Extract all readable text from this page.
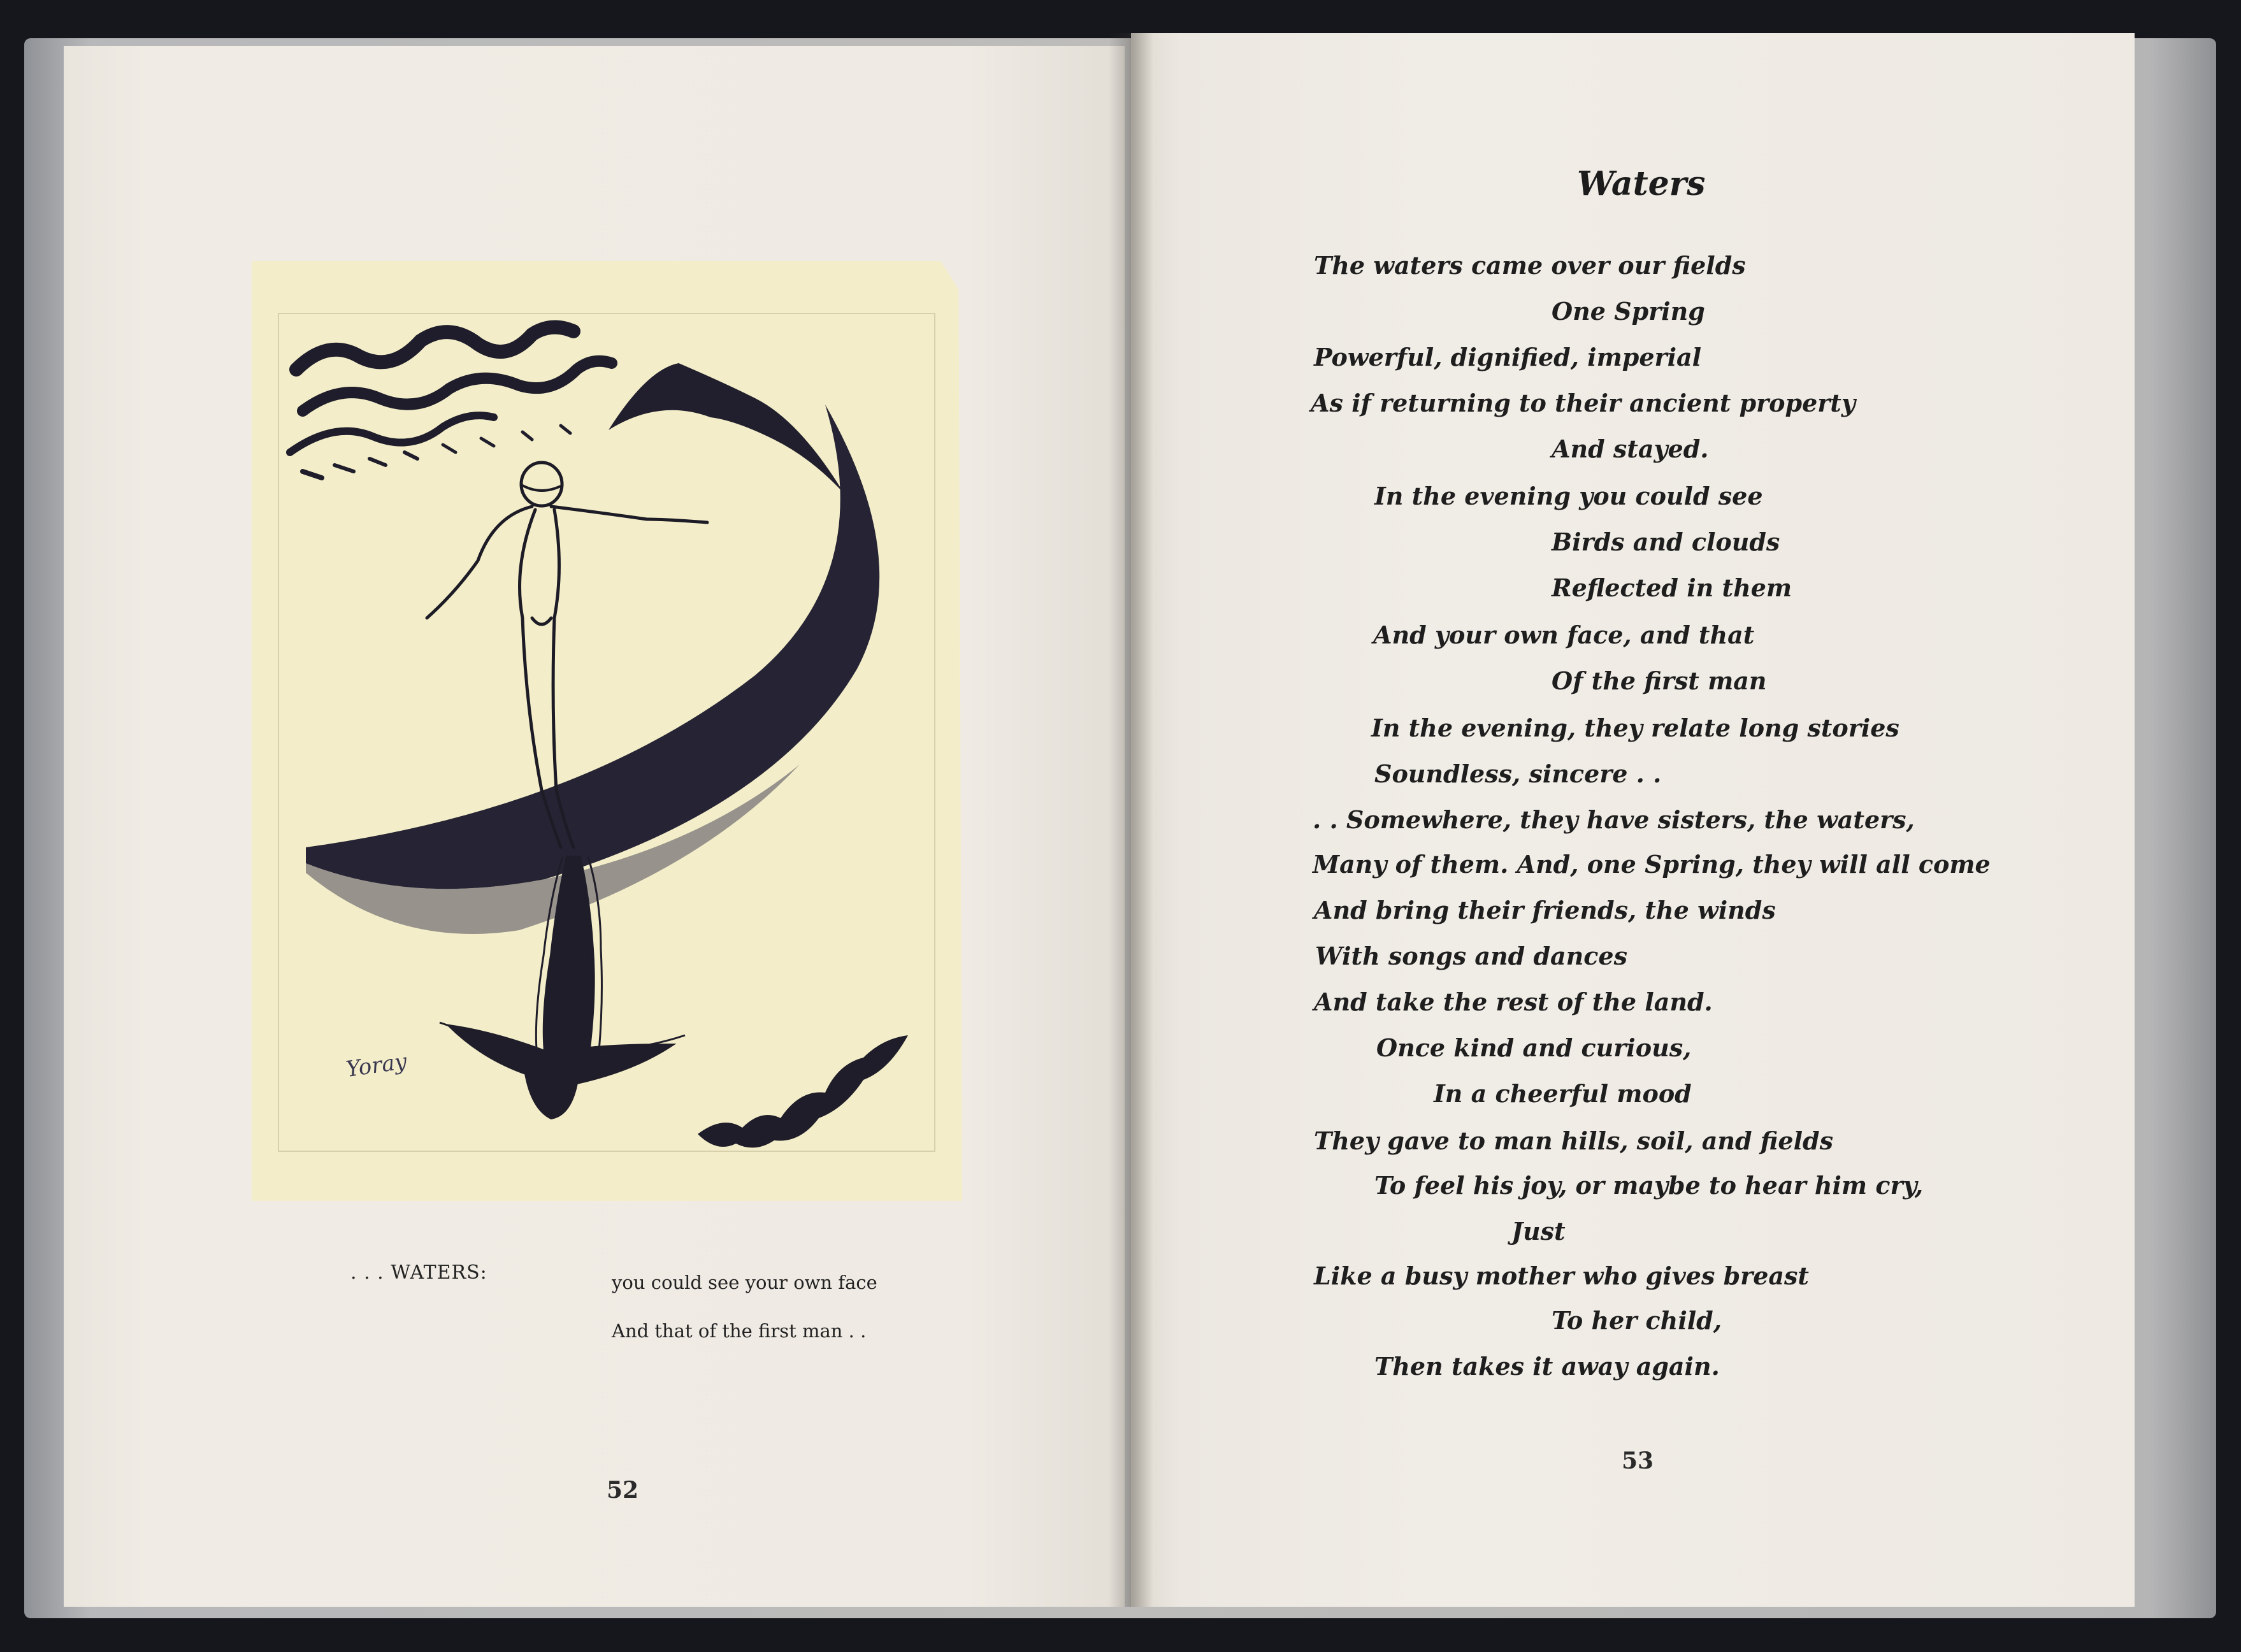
Yoray
. . . WATERS:	you could see your own face
And that of the first man . .
52
Waters
The waters came over our fields
One Spring
Powerful, dignified, imperial
As if returning to their ancient property
And stayed.
In the evening you could see
Birds and clouds
Reflected in them
And your own face, and that
Of the first man
In the evening, they relate long stories
Soundless, sincere . .
. . Somewhere, they have sisters, the waters,
Many of them. And, one Spring, they will all come
And bring their friends, the winds
With songs and dances
And take the rest of the land.
Once kind and curious,
In a cheerful mood
They gave to man hills, soil, and fields
To feel his joy, or maybe to hear him cry,
Just
Like a busy mother who gives breast
To her child,
Then takes it away again.
53
